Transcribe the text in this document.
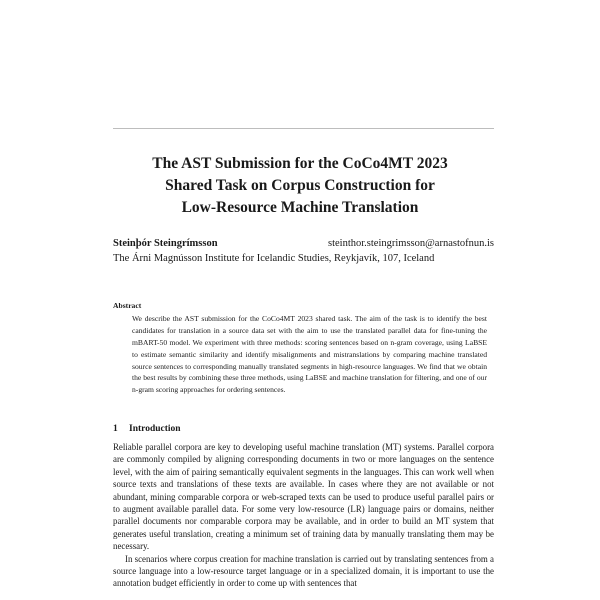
The AST Submission for the CoCo4MT 2023
Shared Task on Corpus Construction for
Low-Resource Machine Translation
Steinþór Steingrímsson	steinthor.steingrimsson@arnastofnun.is
The Árni Magnússon Institute for Icelandic Studies, Reykjavík, 107, Iceland
Abstract
We describe the AST submission for the CoCo4MT 2023 shared task. The aim of the task is to identify the best candidates for translation in a source data set with the aim to use the translated parallel data for fine-tuning the mBART-50 model. We experiment with three methods: scoring sentences based on n-gram coverage, using LaBSE to estimate semantic similarity and identify misalignments and mistranslations by comparing machine translated source sentences to corresponding manually translated segments in high-resource languages. We find that we obtain the best results by combining these three methods, using LaBSE and machine translation for filtering, and one of our n-gram scoring approaches for ordering sentences.
1 Introduction

Reliable parallel corpora are key to developing useful machine translation (MT) systems. Parallel corpora are commonly compiled by aligning corresponding documents in two or more languages on the sentence level, with the aim of pairing semantically equivalent segments in the languages. This can work well when source texts and translations of these texts are available. In cases where they are not available or not abundant, mining comparable corpora or web-scraped texts can be used to produce useful parallel pairs or to augment available parallel data. For some very low-resource (LR) language pairs or domains, neither parallel documents nor comparable corpora may be available, and in order to build an MT system that generates useful translation, creating a minimum set of training data by manually translating them may be necessary.

In scenarios where corpus creation for machine translation is carried out by translating sentences from a source language into a low-resource target language or in a specialized domain, it is important to use the annotation budget efficiently in order to come up with sentences that
